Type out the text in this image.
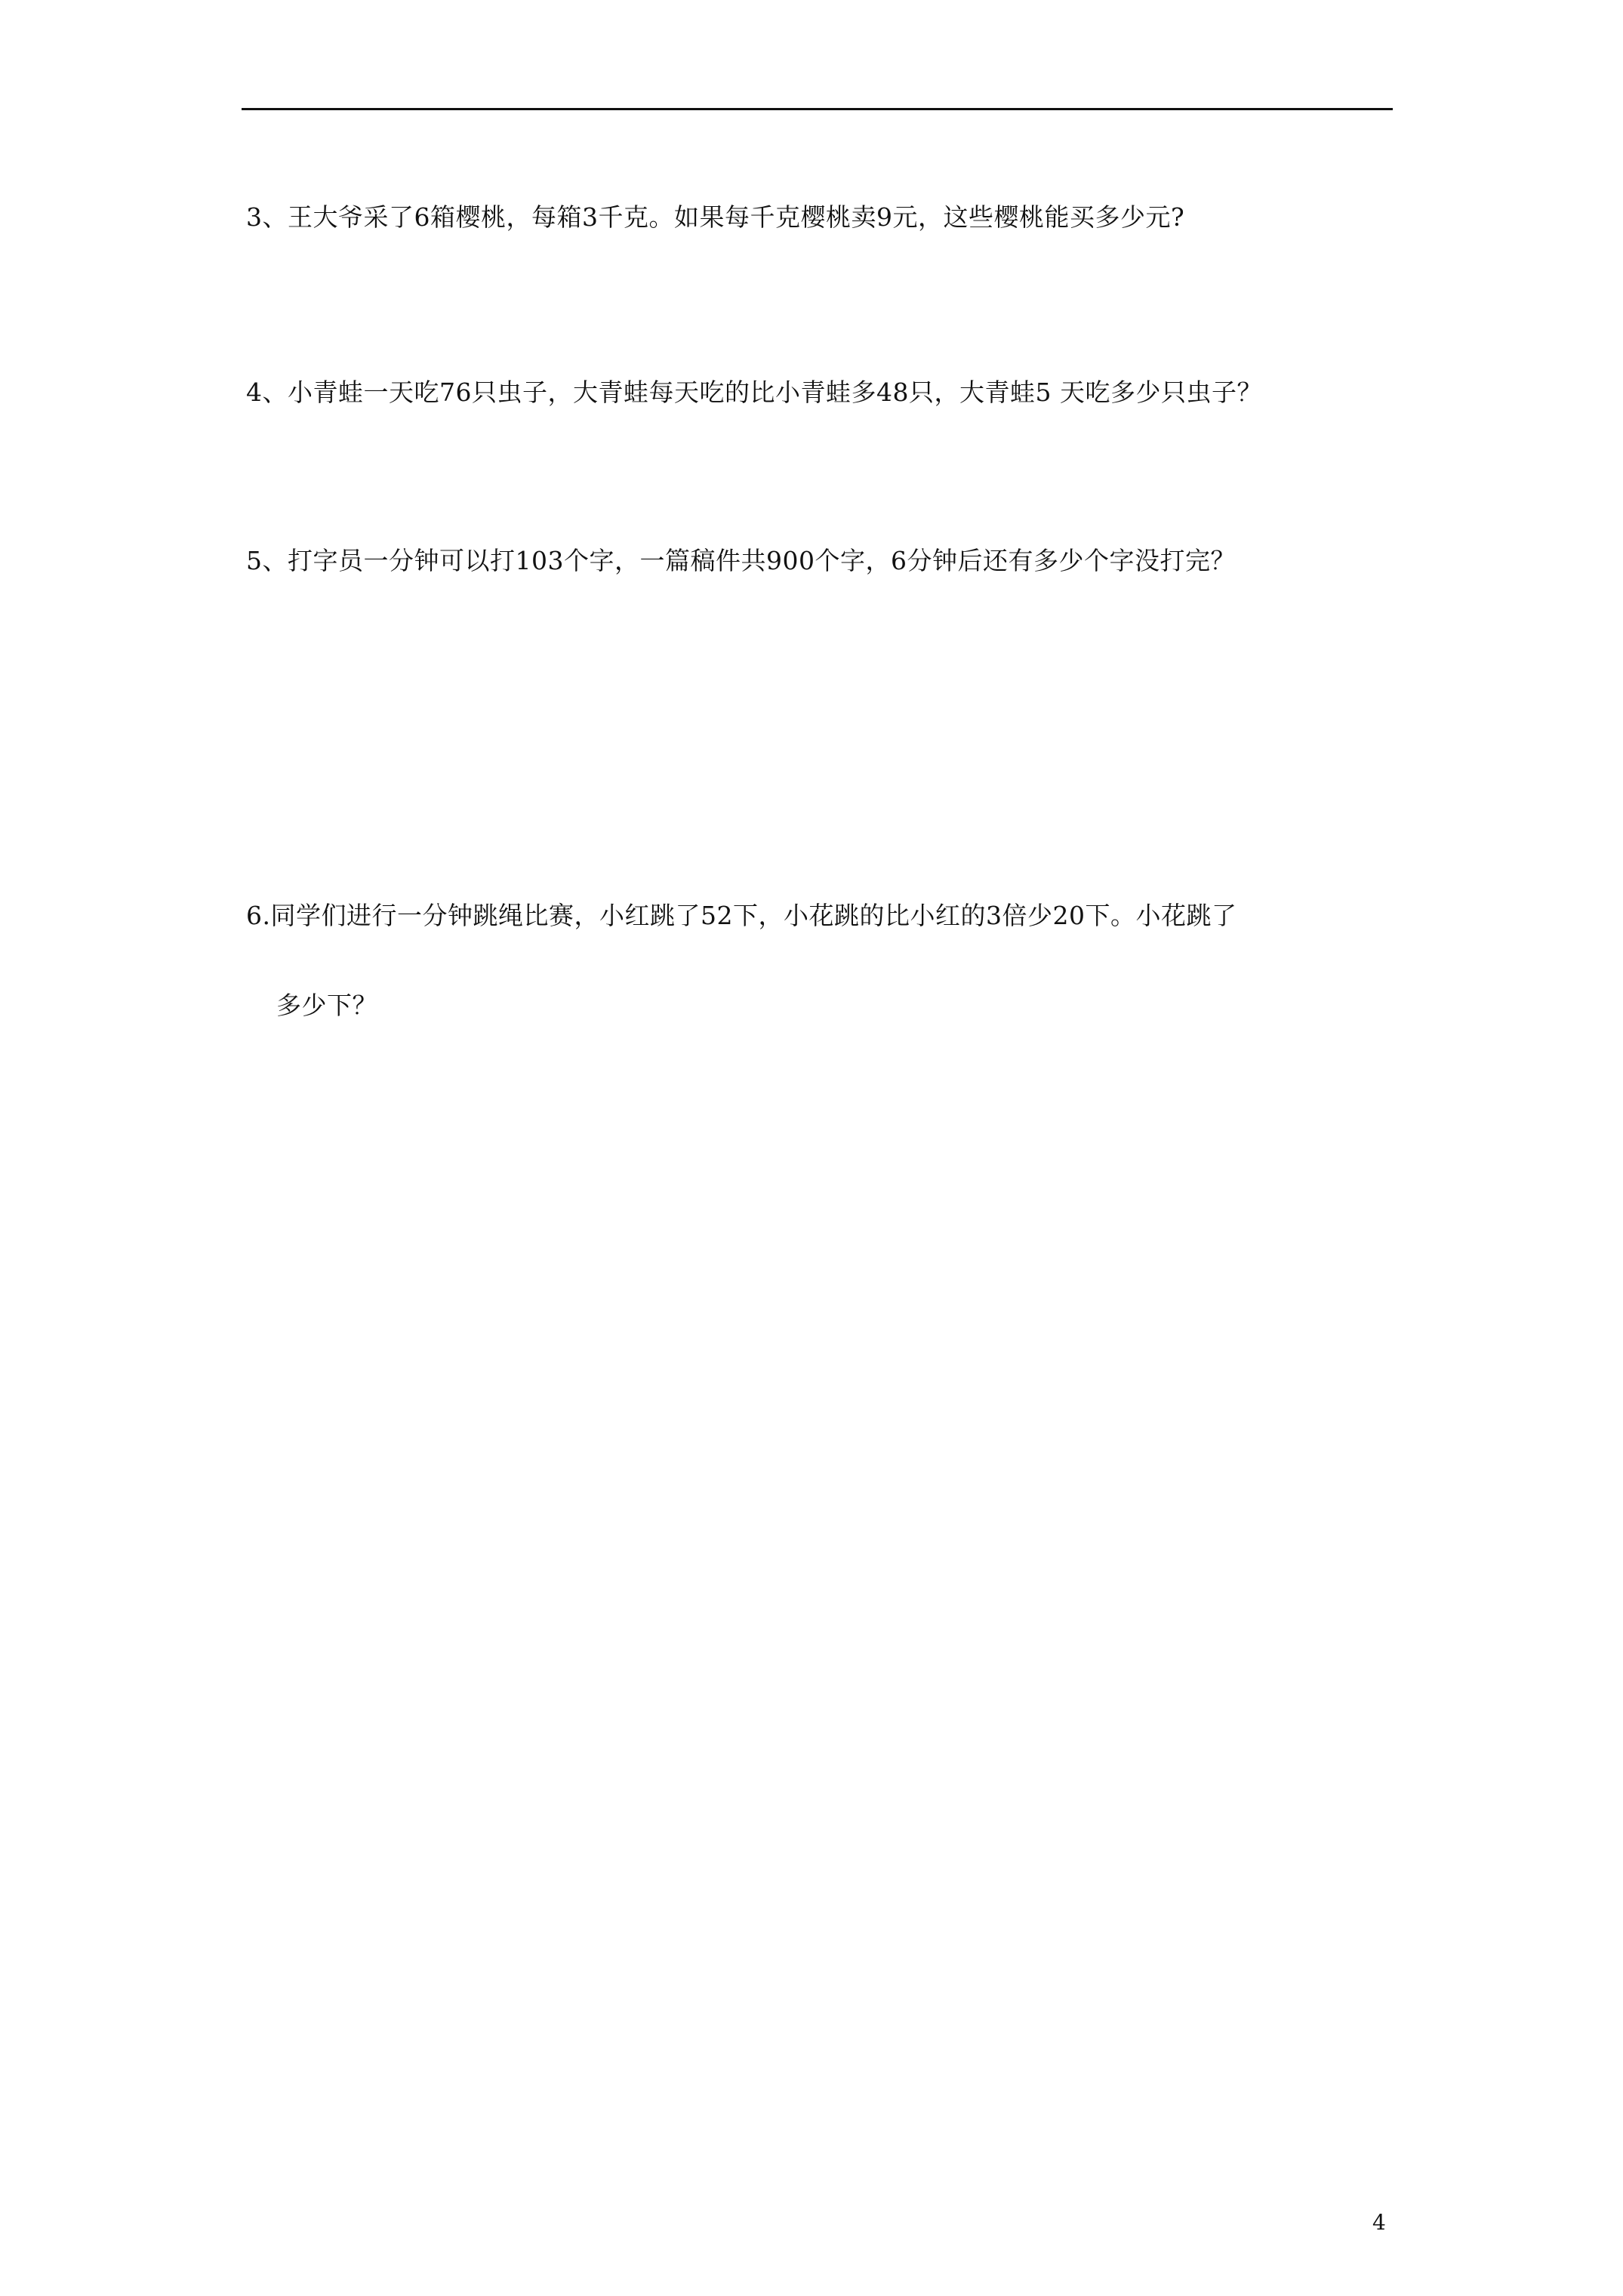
3、王大爷采了6箱樱桃，每箱3千克。如果每千克樱桃卖9元，这些樱桃能买多少元?
4、小青蛙一天吃76只虫子，大青蛙每天吃的比小青蛙多48只，大青蛙5 天吃多少只虫子？
5、打字员一分钟可以打103个字，一篇稿件共900个字，6分钟后还有多少个字没打完？
6.同学们进行一分钟跳绳比赛，小红跳了52下，小花跳的比小红的3倍少20下。小花跳了
多少下？
4
